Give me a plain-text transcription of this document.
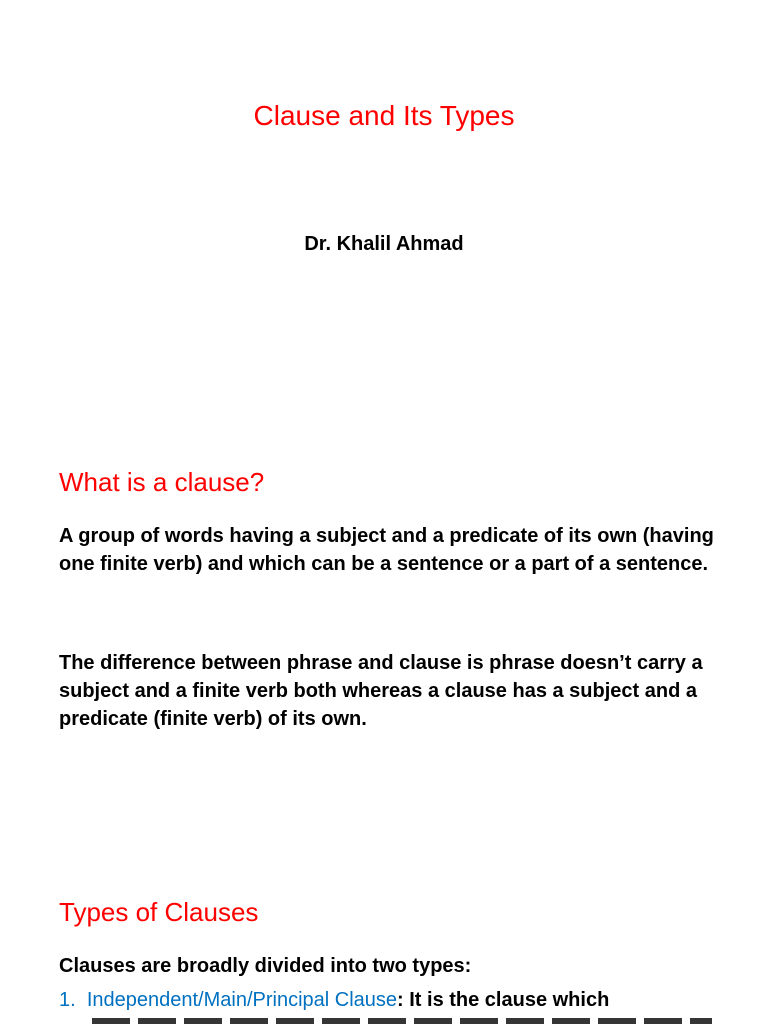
Clause and Its Types

Dr. Khalil Ahmad

What is a clause?

A group of words having a subject and a predicate of its own (having one finite verb) and which can be a sentence or a part of a sentence.

The difference between phrase and clause is phrase doesn’t carry a subject and a finite verb both whereas a clause has a subject and a predicate (finite verb) of its own.

Types of Clauses

Clauses are broadly divided into two types:

1. Independent/Main/Principal Clause: It is the clause which
